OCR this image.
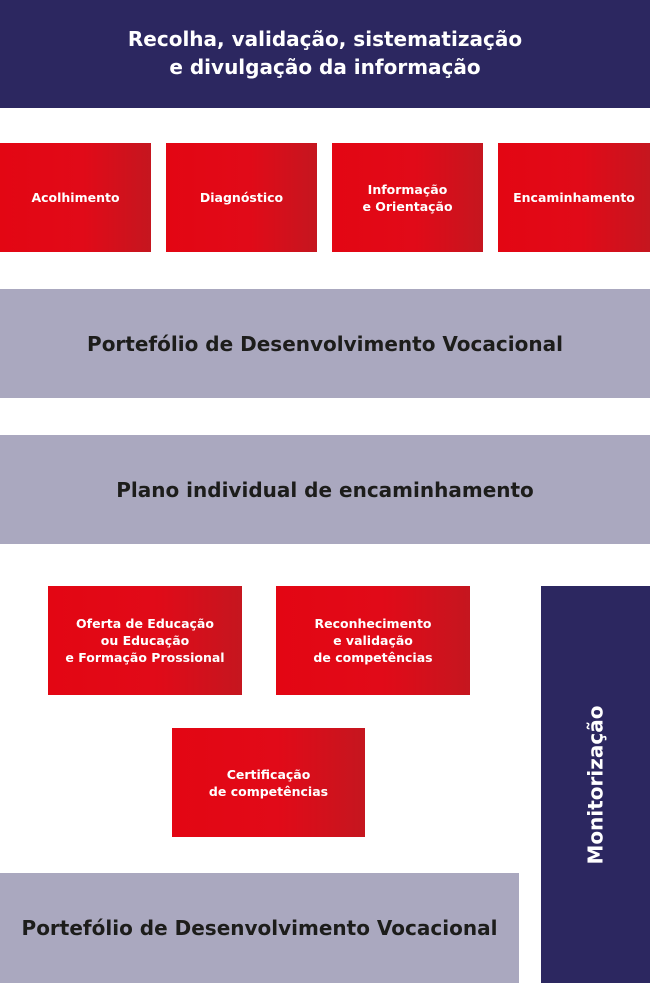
Recolha, validação, sistematização
e divulgação da informação
Acolhimento	Diagnóstico
Informação
e Orientação
Encaminhamento
Portefólio de Desenvolvimento Vocacional
Plano individual de encaminhamento
Oferta de Educação
ou Educação
e Formação Prossional
Reconhecimento
e validação
de competências
Certificação
de competências
Portefólio de Desenvolvimento Vocacional
Monitorização
